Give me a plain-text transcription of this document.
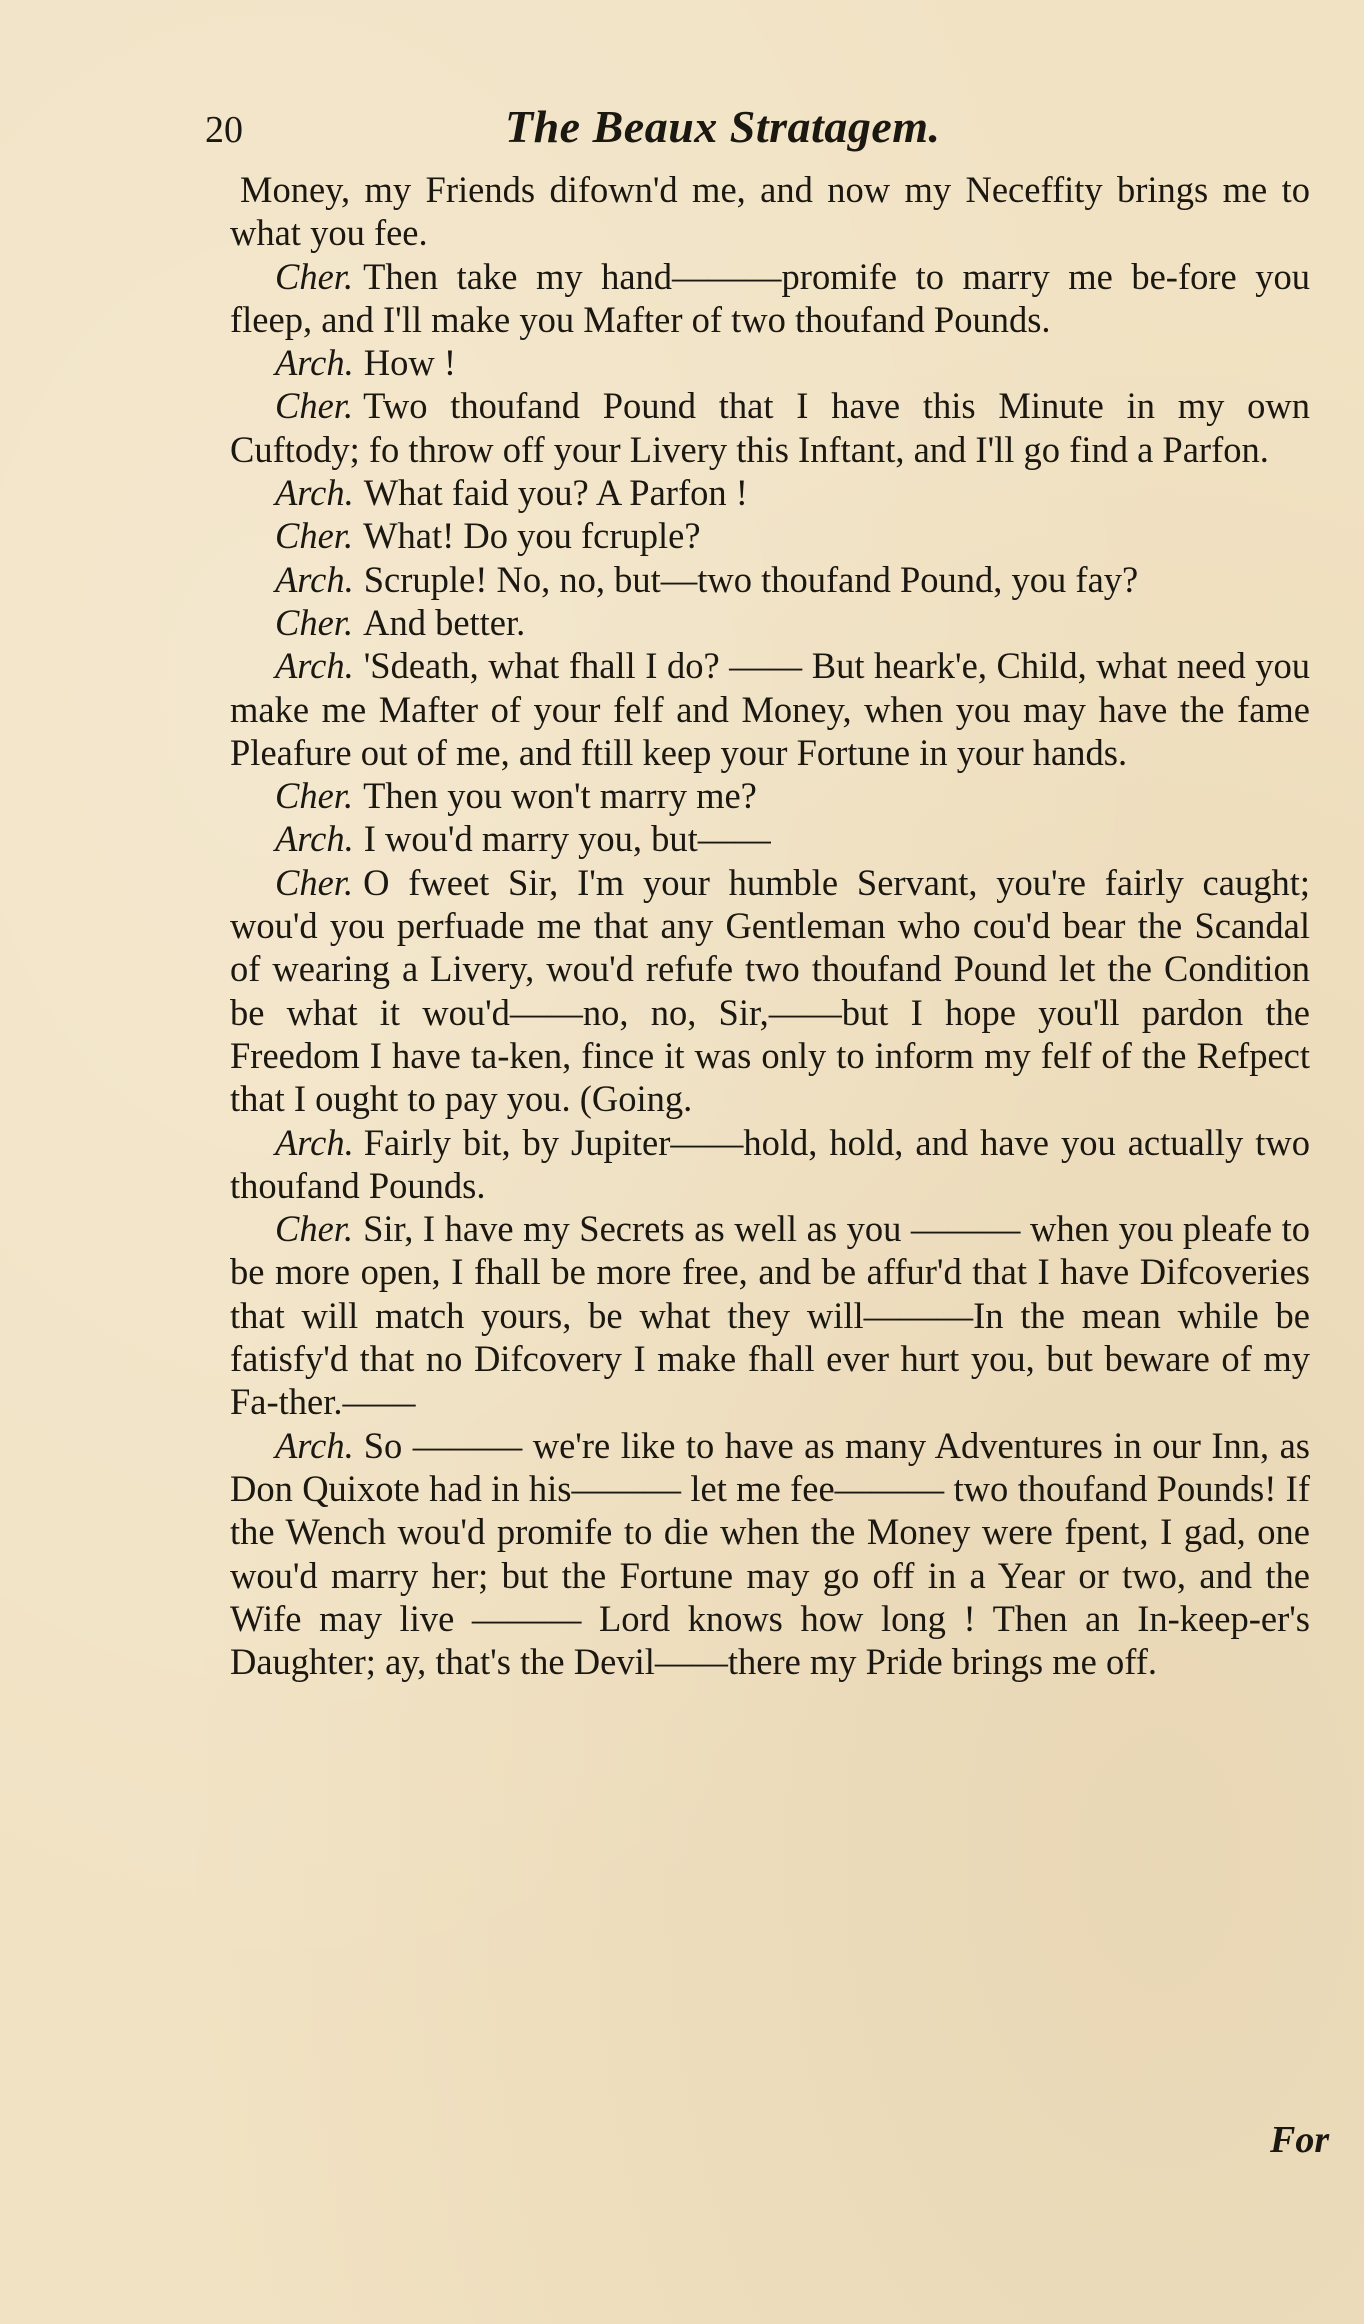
20	The Beaux Stratagem.

Money, my Friends difown'd me, and now my Neceffity brings me to what you fee.

Cher. Then take my hand———promife to marry me be-fore you fleep, and I'll make you Mafter of two thoufand Pounds.

Arch. How !

Cher. Two thoufand Pound that I have this Minute in my own Cuftody; fo throw off your Livery this Inftant, and I'll go find a Parfon.

Arch. What faid you? A Parfon !

Cher. What! Do you fcruple?

Arch. Scruple! No, no, but—two thoufand Pound, you fay?

Cher. And better.

Arch. 'Sdeath, what fhall I do? —— But heark'e, Child, what need you make me Mafter of your felf and Money, when you may have the fame Pleafure out of me, and ftill keep your Fortune in your hands.

Cher. Then you won't marry me?

Arch. I wou'd marry you, but——

Cher. O fweet Sir, I'm your humble Servant, you're fairly caught; wou'd you perfuade me that any Gentleman who cou'd bear the Scandal of wearing a Livery, wou'd refufe two thoufand Pound let the Condition be what it wou'd——no, no, Sir,——but I hope you'll pardon the Freedom I have ta-ken, fince it was only to inform my felf of the Refpect that I ought to pay you. (Going.

Arch. Fairly bit, by Jupiter——hold, hold, and have you actually two thoufand Pounds.

Cher. Sir, I have my Secrets as well as you ——— when you pleafe to be more open, I fhall be more free, and be affur'd that I have Difcoveries that will match yours, be what they will———In the mean while be fatisfy'd that no Difcovery I make fhall ever hurt you, but beware of my Fa-ther.——

Arch. So ——— we're like to have as many Adventures in our Inn, as Don Quixote had in his——— let me fee——— two thoufand Pounds! If the Wench wou'd promife to die when the Money were fpent, I gad, one wou'd marry her; but the Fortune may go off in a Year or two, and the Wife may live ——— Lord knows how long ! Then an In-keep-er's Daughter; ay, that's the Devil——there my Pride brings me off.

For
